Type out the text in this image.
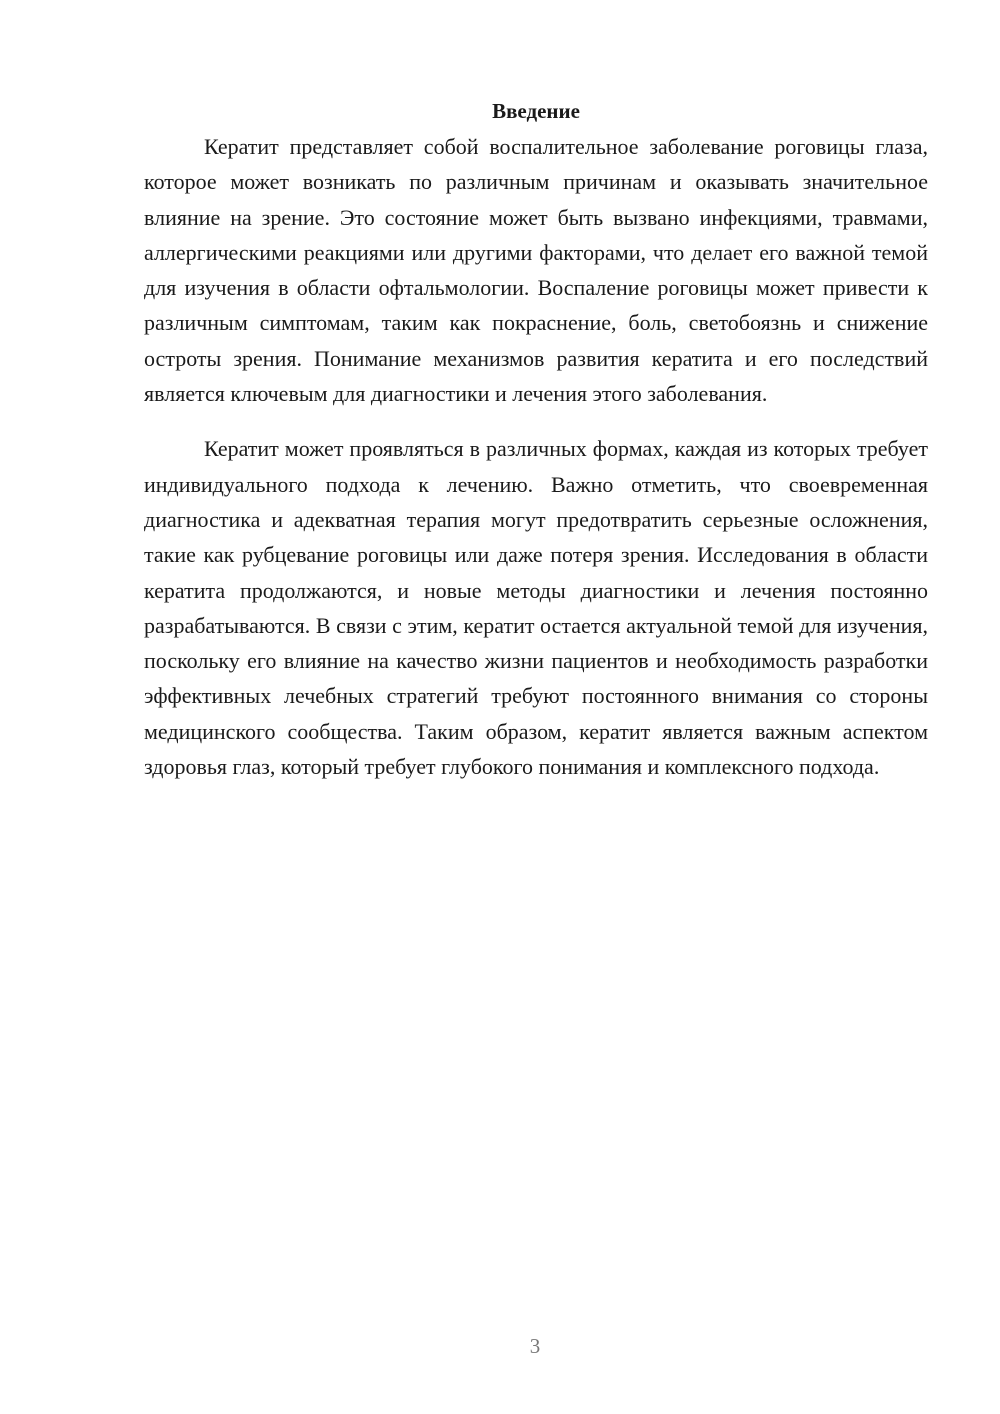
Введение

Кератит представляет собой воспалительное заболевание роговицы глаза, которое может возникать по различным причинам и оказывать значительное влияние на зрение. Это состояние может быть вызвано инфекциями, травмами, аллергическими реакциями или другими факторами, что делает его важной темой для изучения в области офтальмологии. Воспаление роговицы может привести к различным симптомам, таким как покраснение, боль, светобоязнь и снижение остроты зрения. Понимание механизмов развития кератита и его последствий является ключевым для диагностики и лечения этого заболевания.

Кератит может проявляться в различных формах, каждая из которых требует индивидуального подхода к лечению. Важно отметить, что своевременная диагностика и адекватная терапия могут предотвратить серьезные осложнения, такие как рубцевание роговицы или даже потеря зрения. Исследования в области кератита продолжаются, и новые методы диагностики и лечения постоянно разрабатываются. В связи с этим, кератит остается актуальной темой для изучения, поскольку его влияние на качество жизни пациентов и необходимость разработки эффективных лечебных стратегий требуют постоянного внимания со стороны медицинского сообщества. Таким образом, кератит является важным аспектом здоровья глаз, который требует глубокого понимания и комплексного подхода.

3
